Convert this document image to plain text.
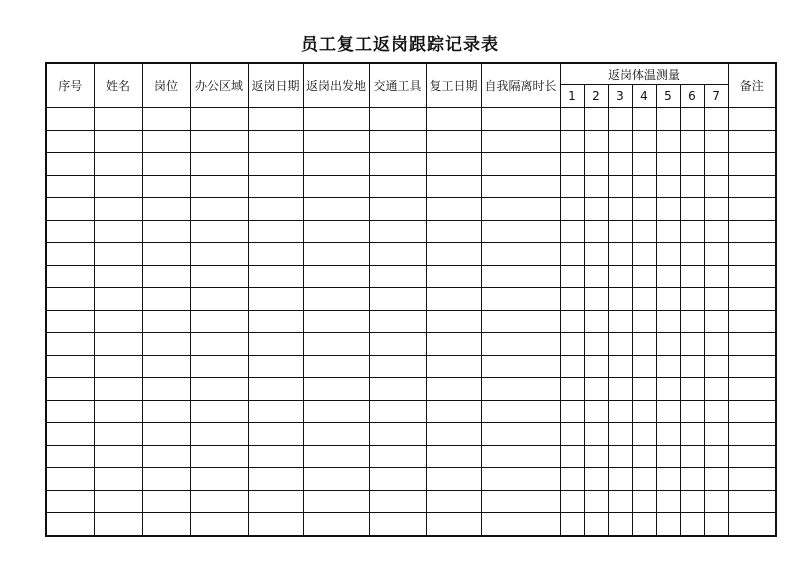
员工复工返岗跟踪记录表
序号	姓名	岗位	办公区域	返岗日期	返岗出发地	交通工具	复工日期	自我隔离时长	返岗体温测量							备注
									1	2	3	4	5	6	7	
